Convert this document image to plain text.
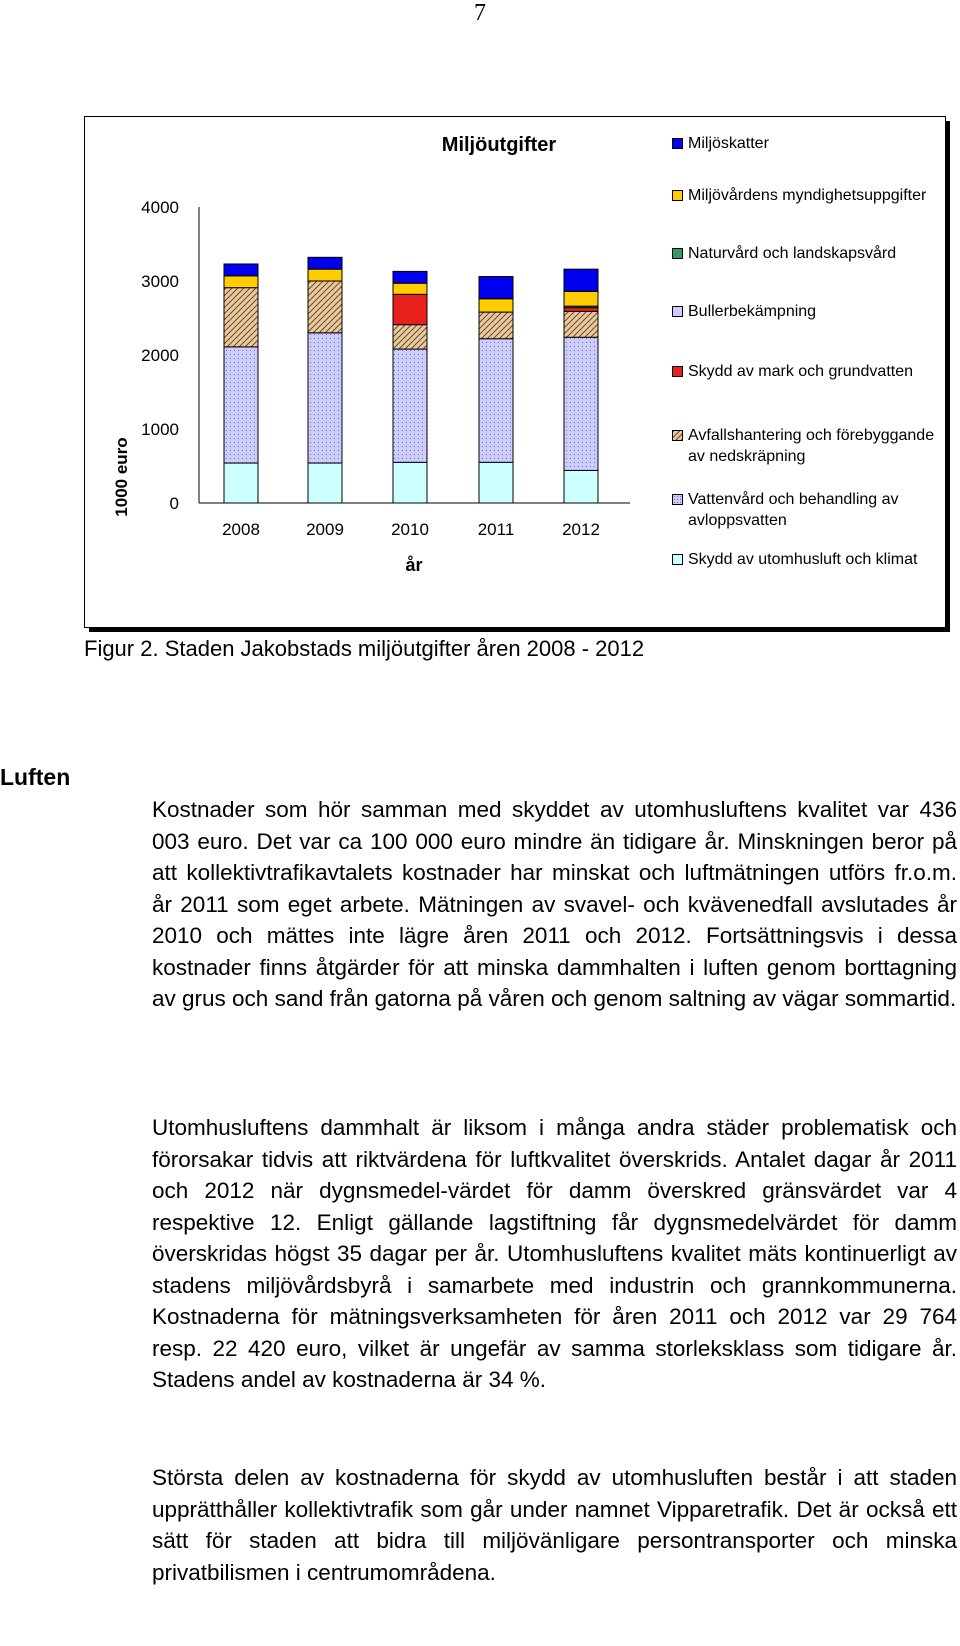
7
Miljöutgifter
1000 euro
år
0
1000
2000
3000
4000
2008	2009	2010	2011	2012
Miljöskatter
Miljövårdens myndighetsuppgifter
Naturvård och landskapsvård
Bullerbekämpning
Skydd av mark och grundvatten
Avfallshantering och förebyggande av nedskräpning
Vattenvård och behandling av avloppsvatten
Skydd av utomhusluft och klimat
Figur 2. Staden Jakobstads miljöutgifter åren 2008 - 2012
Luften

Kostnader som hör samman med skyddet av utomhusluftens kvalitet var 436 003 euro. Det var ca 100 000 euro mindre än tidigare år. Minskningen beror på att kollektivtrafikavtalets kostnader har minskat och luftmätningen utförs fr.o.m. år 2011 som eget arbete. Mätningen av svavel- och kvävenedfall avslutades år 2010 och mättes inte lägre åren 2011 och 2012. Fortsättningsvis i dessa kostnader finns åtgärder för att minska dammhalten i luften genom borttagning av grus och sand från gatorna på våren och genom saltning av vägar sommartid.

Utomhusluftens dammhalt är liksom i många andra städer problematisk och förorsakar tidvis att riktvärdena för luftkvalitet överskrids. Antalet dagar år 2011 och 2012 när dygnsmedel-värdet för damm överskred gränsvärdet var 4 respektive 12. Enligt gällande lagstiftning får dygnsmedelvärdet för damm överskridas högst 35 dagar per år. Utomhusluftens kvalitet mäts kontinuerligt av stadens miljövårdsbyrå i samarbete med industrin och grannkommunerna. Kostnaderna för mätningsverksamheten för åren 2011 och 2012 var 29 764 resp. 22 420 euro, vilket är ungefär av samma storleksklass som tidigare år. Stadens andel av kostnaderna är 34 %.

Största delen av kostnaderna för skydd av utomhusluften består i att staden upprätthåller kollektivtrafik som går under namnet Vipparetrafik. Det är också ett sätt för staden att bidra till miljövänligare persontransporter och minska privatbilismen i centrumområdena.
